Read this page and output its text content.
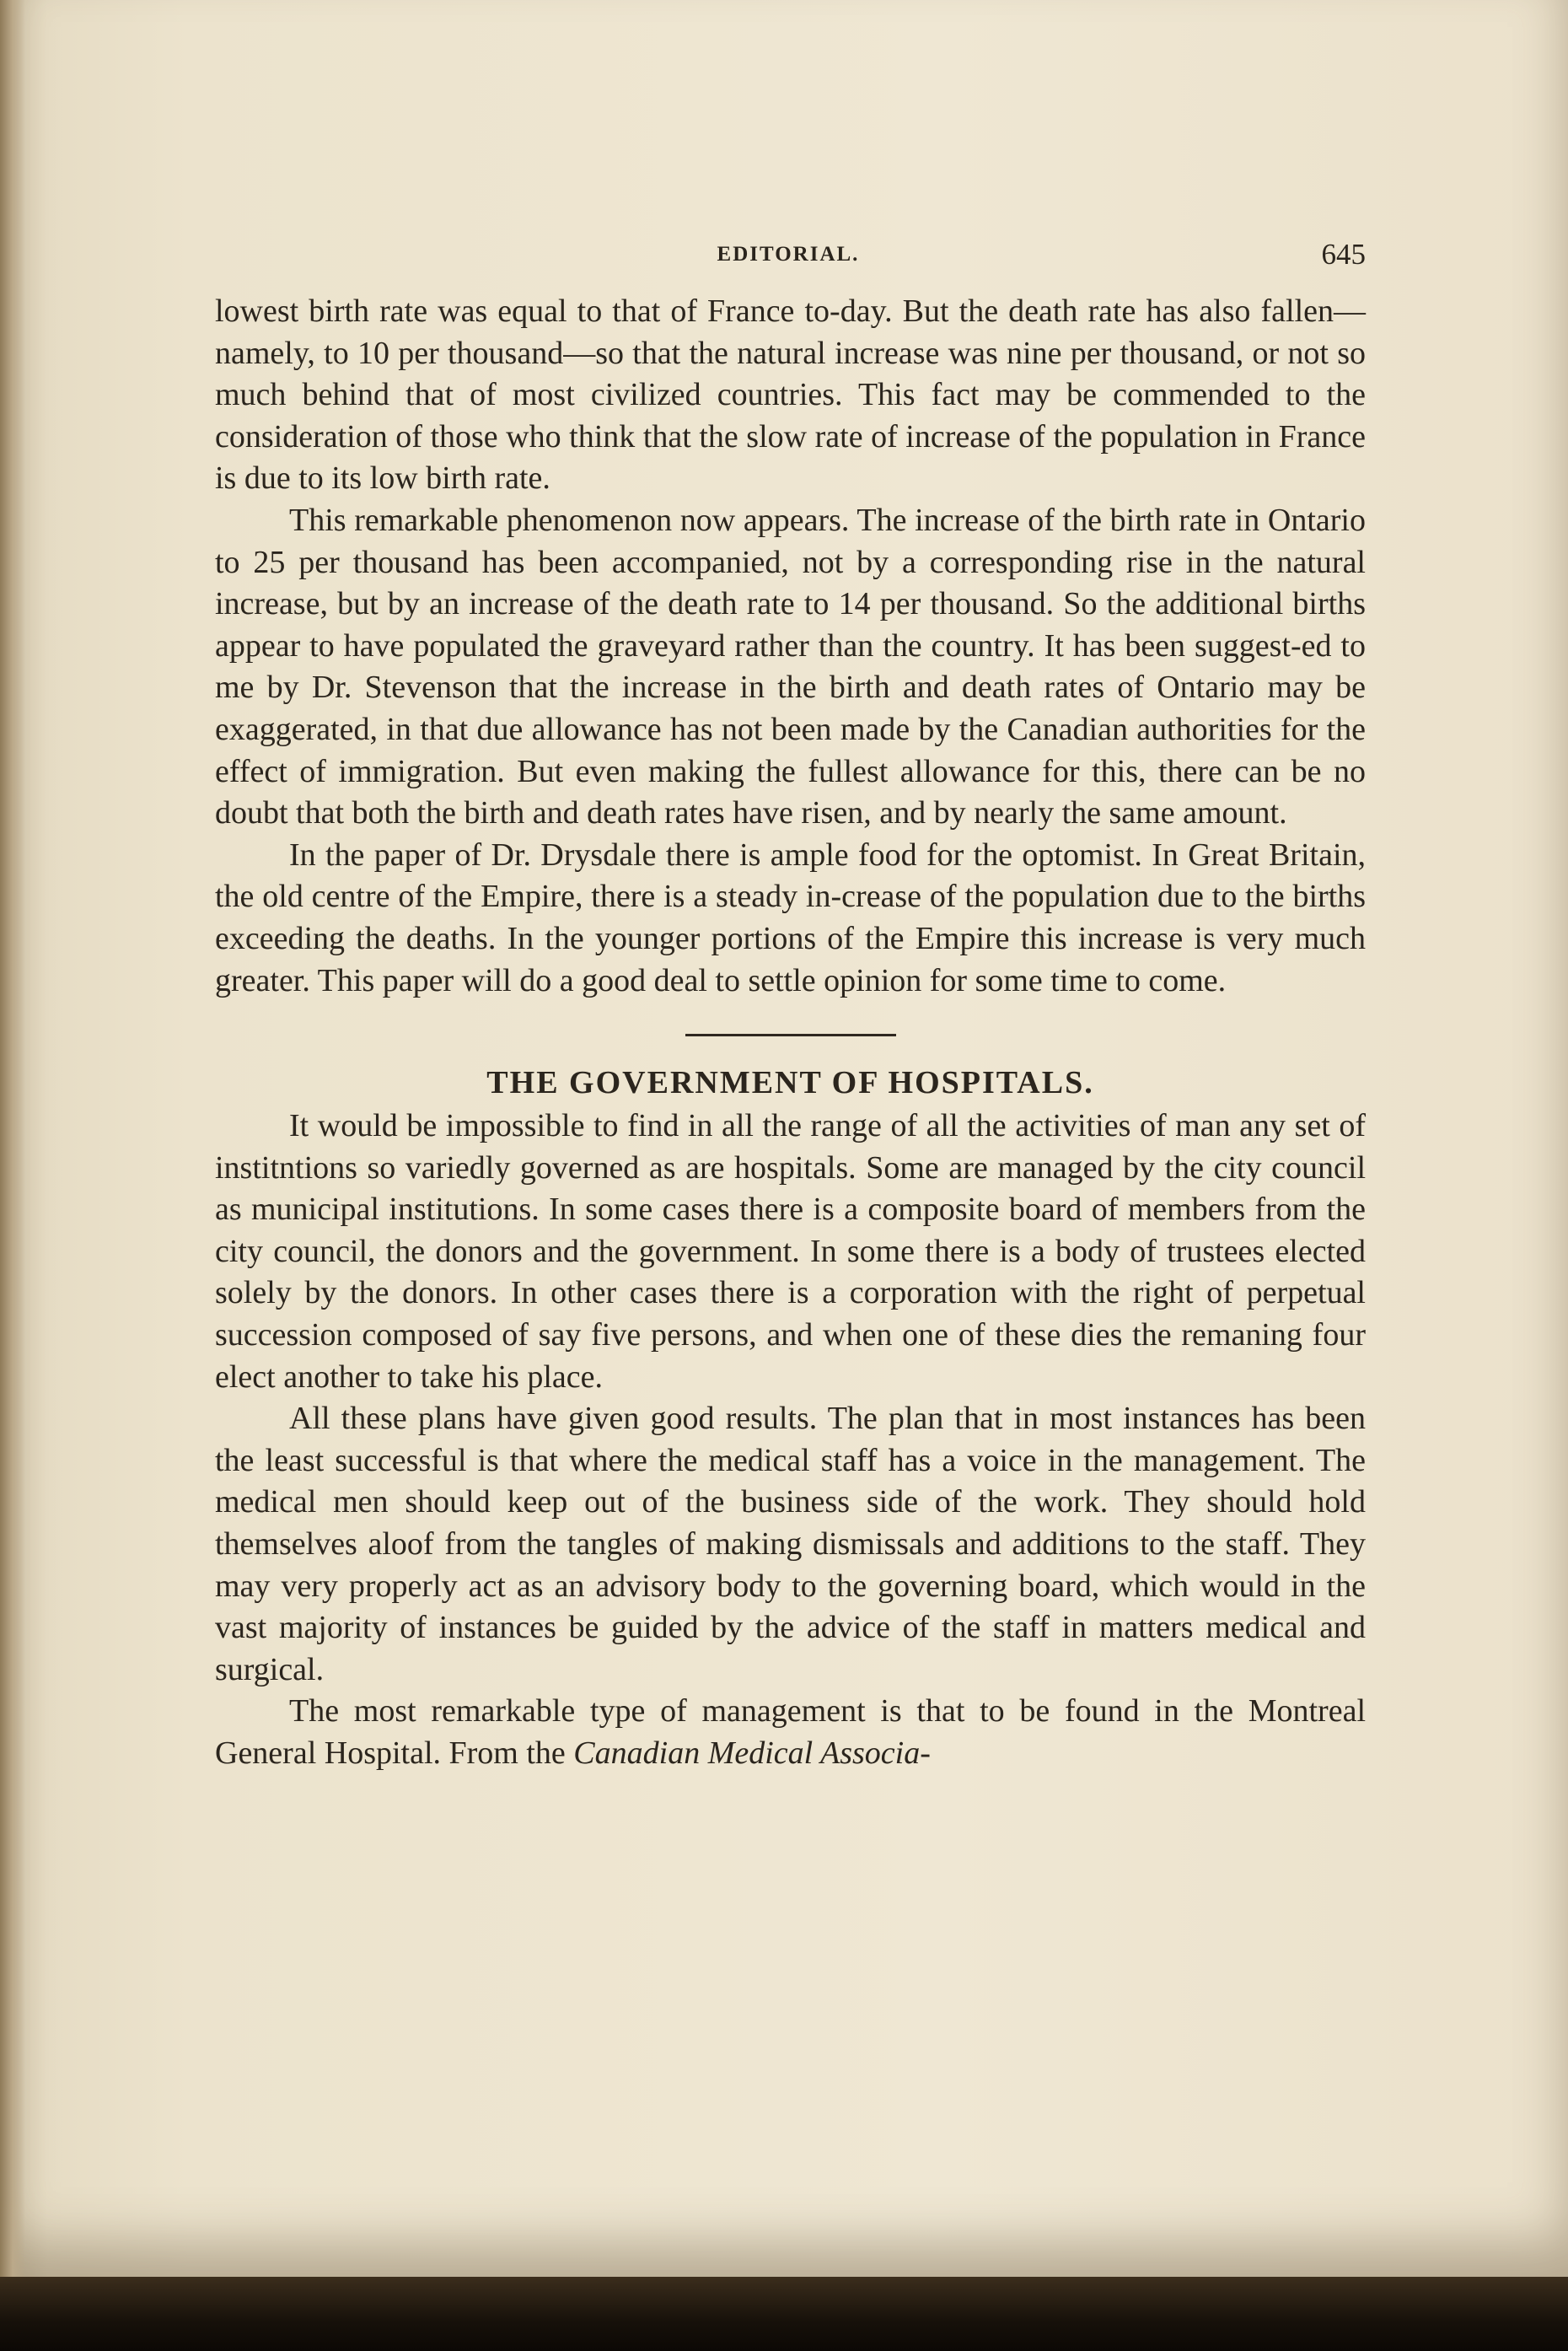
EDITORIAL.	645

lowest birth rate was equal to that of France to-day. But the death rate has also fallen—namely, to 10 per thousand—so that the natural increase was nine per thousand, or not so much behind that of most civilized countries. This fact may be commended to the consideration of those who think that the slow rate of increase of the population in France is due to its low birth rate.

This remarkable phenomenon now appears. The increase of the birth rate in Ontario to 25 per thousand has been accompanied, not by a corresponding rise in the natural increase, but by an increase of the death rate to 14 per thousand. So the additional births appear to have populated the graveyard rather than the country. It has been suggest-ed to me by Dr. Stevenson that the increase in the birth and death rates of Ontario may be exaggerated, in that due allowance has not been made by the Canadian authorities for the effect of immigration. But even making the fullest allowance for this, there can be no doubt that both the birth and death rates have risen, and by nearly the same amount.

In the paper of Dr. Drysdale there is ample food for the optomist. In Great Britain, the old centre of the Empire, there is a steady in-crease of the population due to the births exceeding the deaths. In the younger portions of the Empire this increase is very much greater. This paper will do a good deal to settle opinion for some time to come.

THE GOVERNMENT OF HOSPITALS.

It would be impossible to find in all the range of all the activities of man any set of institntions so variedly governed as are hospitals. Some are managed by the city council as municipal institutions. In some cases there is a composite board of members from the city council, the donors and the government. In some there is a body of trustees elected solely by the donors. In other cases there is a corporation with the right of perpetual succession composed of say five persons, and when one of these dies the remaning four elect another to take his place.

All these plans have given good results. The plan that in most instances has been the least successful is that where the medical staff has a voice in the management. The medical men should keep out of the business side of the work. They should hold themselves aloof from the tangles of making dismissals and additions to the staff. They may very properly act as an advisory body to the governing board, which would in the vast majority of instances be guided by the advice of the staff in matters medical and surgical.

The most remarkable type of management is that to be found in the Montreal General Hospital. From the Canadian Medical Associa-
